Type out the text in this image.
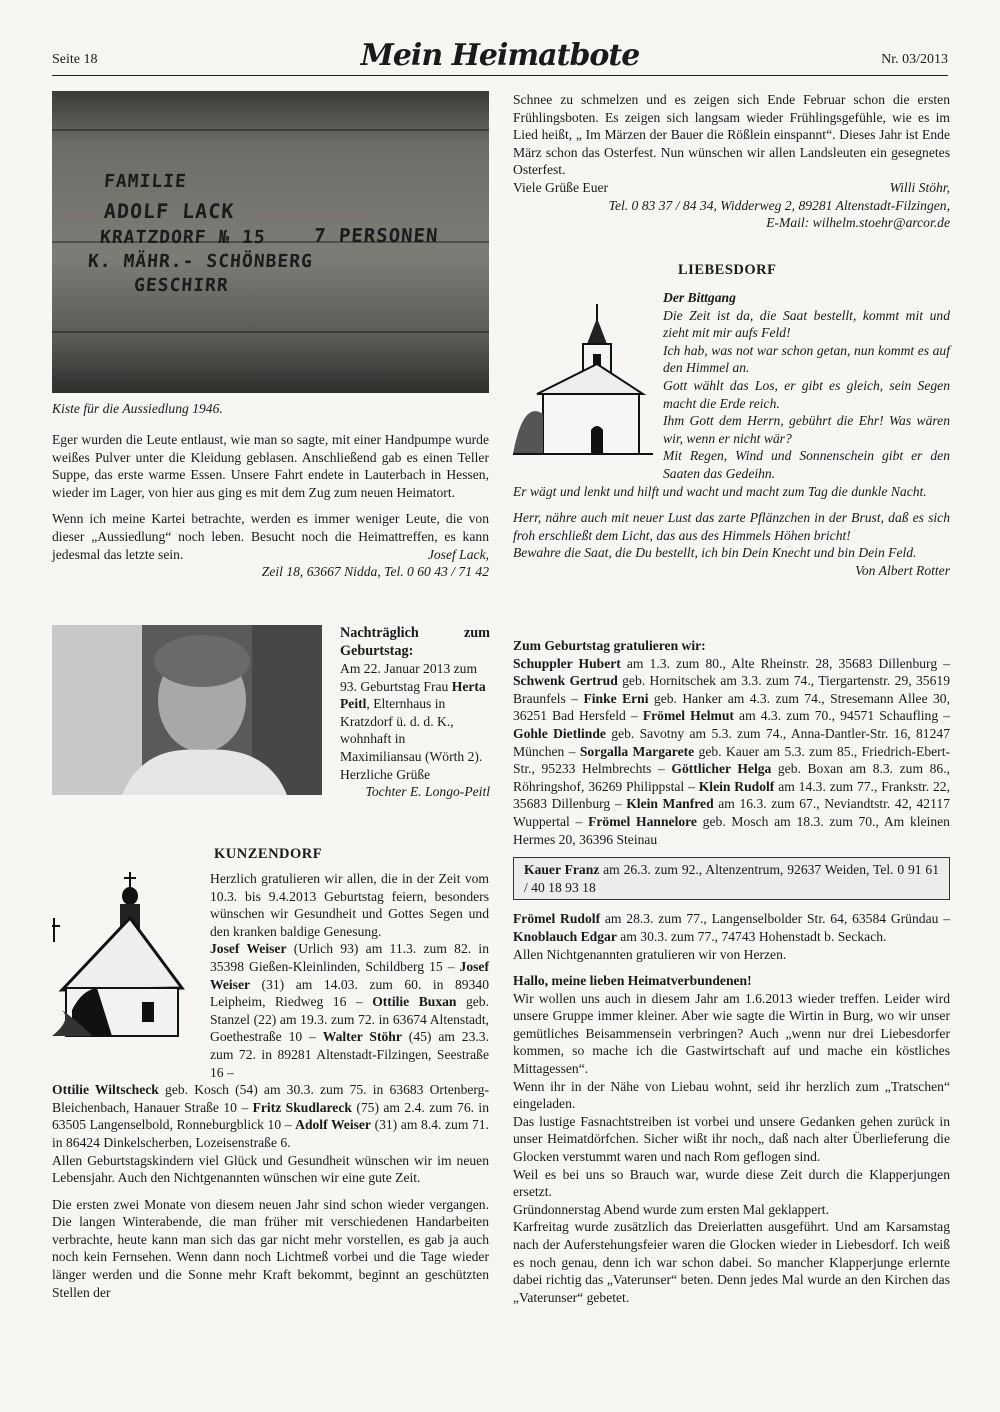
Seite 18	Mein Heimatbote	Nr. 03/2013
FAMILIE
ADOLF LACK
KRATZDORF № 15 7 PERSONEN
K. MÄHR.- SCHÖNBERG
GESCHIRR
Kiste für die Aussiedlung 1946.

Eger wurden die Leute entlaust, wie man so sagte, mit einer Handpumpe wurde weißes Pulver unter die Kleidung geblasen. Anschließend gab es einen Teller Suppe, das erste warme Essen. Unsere Fahrt endete in Lauterbach in Hessen, wieder im Lager, von hier aus ging es mit dem Zug zum neuen Heimatort.

Wenn ich meine Kartei betrachte, werden es immer weniger Leute, die von dieser „Aussiedlung“ noch leben. Besucht noch die Heimattreffen, es kann jedesmal das letzte sein.	Josef Lack,

Zeil 18, 63667 Nidda, Tel. 0 60 43 / 71 42

Nachträglich zum Geburtstag:

Am 22. Januar 2013 zum 93. Geburtstag Frau Herta Peitl, Elternhaus in Kratzdorf ü. d. d. K., wohnhaft in Maximiliansau (Wörth 2). Herzliche Grüße

Tochter E. Longo-Peitl

KUNZENDORF

Herzlich gratulieren wir allen, die in der Zeit vom 10.3. bis 9.4.2013 Geburtstag feiern, besonders wünschen wir Gesundheit und Gottes Segen und den kranken baldige Genesung.

Josef Weiser (Urlich 93) am 11.3. zum 82. in 35398 Gießen-Kleinlinden, Schildberg 15 – Josef Weiser (31) am 14.03. zum 60. in 89340 Leipheim, Riedweg 16 – Ottilie Buxan geb. Stanzel (22) am 19.3. zum 72. in 63674 Altenstadt, Goethestraße 10 – Walter Stöhr (45) am 23.3. zum 72. in 89281 Altenstadt-Filzingen, Seestraße 16 –

Ottilie Wiltscheck geb. Kosch (54) am 30.3. zum 75. in 63683 Ortenberg-Bleichenbach, Hanauer Straße 10 – Fritz Skudlareck (75) am 2.4. zum 76. in 63505 Langenselbold, Ronneburgblick 10 – Adolf Weiser (31) am 8.4. zum 71. in 86424 Dinkelscherben, Lozeisenstraße 6.

Allen Geburtstagskindern viel Glück und Gesundheit wünschen wir im neuen Lebensjahr. Auch den Nichtgenannten wünschen wir eine gute Zeit.

Die ersten zwei Monate von diesem neuen Jahr sind schon wieder vergangen. Die langen Winterabende, die man früher mit verschiedenen Handarbeiten verbrachte, heute kann man sich das gar nicht mehr vorstellen, es gab ja auch noch kein Fernsehen. Wenn dann noch Lichtmeß vorbei und die Tage wieder länger werden und die Sonne mehr Kraft bekommt, beginnt an geschützten Stellen der

Schnee zu schmelzen und es zeigen sich Ende Februar schon die ersten Frühlingsboten. Es zeigen sich langsam wieder Frühlingsgefühle, wie es im Lied heißt, „ Im Märzen der Bauer die Rößlein einspannt“. Dieses Jahr ist Ende März schon das Osterfest. Nun wünschen wir allen Landsleuten ein gesegnetes Osterfest.

Viele Grüße Euer	Willi Stöhr,

Tel. 0 83 37 / 84 34, Widderweg 2, 89281 Altenstadt-Filzingen,

E-Mail: wilhelm.stoehr@arcor.de

LIEBESDORF

Der Bittgang

Die Zeit ist da, die Saat bestellt, kommt mit und zieht mit mir aufs Feld!

Ich hab, was not war schon getan, nun kommt es auf den Himmel an.

Gott wählt das Los, er gibt es gleich, sein Segen macht die Erde reich.

Ihm Gott dem Herrn, gebührt die Ehr! Was wären wir, wenn er nicht wär?

Mit Regen, Wind und Sonnenschein gibt er den Saaten das Gedeihn.

Er wägt und lenkt und hilft und wacht und macht zum Tag die dunkle Nacht.

Herr, nähre auch mit neuer Lust das zarte Pflänzchen in der Brust, daß es sich froh erschließt dem Licht, das aus des Himmels Höhen bricht!

Bewahre die Saat, die Du bestellt, ich bin Dein Knecht und bin Dein Feld.

Von Albert Rotter

Zum Geburtstag gratulieren wir:

Schuppler Hubert am 1.3. zum 80., Alte Rheinstr. 28, 35683 Dillenburg – Schwenk Gertrud geb. Hornitschek am 3.3. zum 74., Tiergartenstr. 29, 35619 Braunfels – Finke Erni geb. Hanker am 4.3. zum 74., Stresemann Allee 30, 36251 Bad Hersfeld – Frömel Helmut am 4.3. zum 70., 94571 Schaufling – Gohle Dietlinde geb. Savotny am 5.3. zum 74., Anna-Dantler-Str. 16, 81247 München – Sorgalla Margarete geb. Kauer am 5.3. zum 85., Friedrich-Ebert-Str., 95233 Helmbrechts – Göttlicher Helga geb. Boxan am 8.3. zum 86., Röhringshof, 36269 Philippstal – Klein Rudolf am 14.3. zum 77., Frankstr. 22, 35683 Dillenburg – Klein Manfred am 16.3. zum 67., Neviandtstr. 42, 42117 Wuppertal – Frömel Hannelore geb. Mosch am 18.3. zum 70., Am kleinen Hermes 20, 36396 Steinau

Kauer Franz am 26.3. zum 92., Altenzentrum, 92637 Weiden, Tel. 0 91 61 / 40 18 93 18

Frömel Rudolf am 28.3. zum 77., Langenselbolder Str. 64, 63584 Gründau – Knoblauch Edgar am 30.3. zum 77., 74743 Hohenstadt b. Seckach.

Allen Nichtgenannten gratulieren wir von Herzen.

Hallo, meine lieben Heimatverbundenen!

Wir wollen uns auch in diesem Jahr am 1.6.2013 wieder treffen. Leider wird unsere Gruppe immer kleiner. Aber wie sagte die Wirtin in Burg, wo wir unser gemütliches Beisammensein verbringen? Auch „wenn nur drei Liebesdorfer kommen, so mache ich die Gastwirtschaft auf und mache ein köstliches Mittagessen“.

Wenn ihr in der Nähe von Liebau wohnt, seid ihr herzlich zum „Tratschen“ eingeladen.

Das lustige Fasnachtstreiben ist vorbei und unsere Gedanken gehen zurück in unser Heimatdörfchen. Sicher wißt ihr noch„ daß nach alter Überlieferung die Glocken verstummt waren und nach Rom geflogen sind.

Weil es bei uns so Brauch war, wurde diese Zeit durch die Klapperjungen ersetzt.

Gründonnerstag Abend wurde zum ersten Mal geklappert.

Karfreitag wurde zusätzlich das Dreierlatten ausgeführt. Und am Karsamstag nach der Auferstehungsfeier waren die Glocken wieder in Liebesdorf. Ich weiß es noch genau, denn ich war schon dabei. So mancher Klapperjunge erlernte dabei richtig das „Vaterunser“ beten. Denn jedes Mal wurde an den Kirchen das „Vaterunser“ gebetet.
